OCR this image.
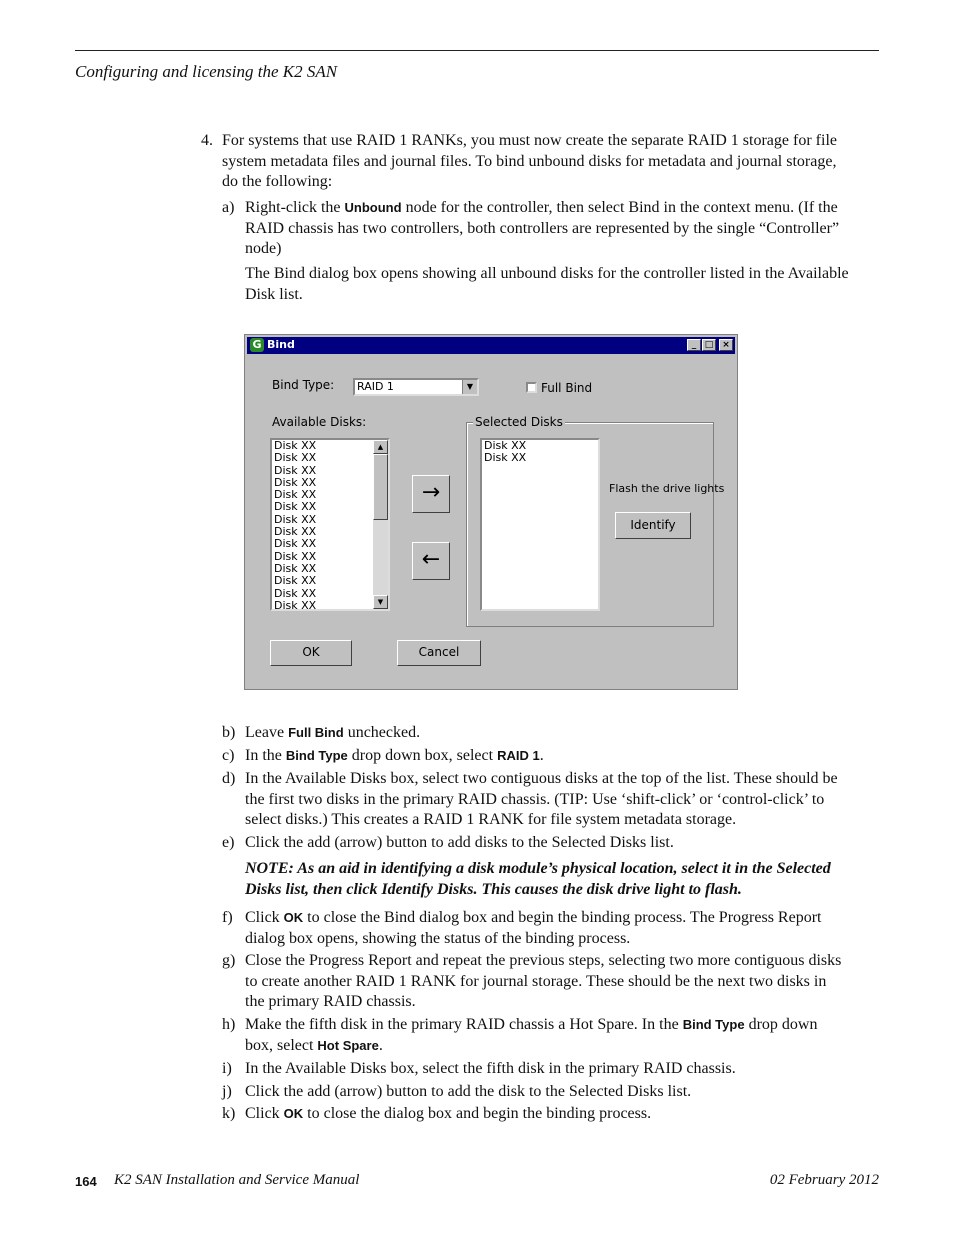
Configuring and licensing the K2 SAN
4. For systems that use RAID 1 RANKs, you must now create the separate RAID 1 storage for file
system metadata files and journal files. To bind unbound disks for metadata and journal storage,
do the following:
a) Right-click the Unbound node for the controller, then select Bind in the context menu. (If the
RAID chassis has two controllers, both controllers are represented by the single “Controller”
node)
The Bind dialog box opens showing all unbound disks for the controller listed in the Available
Disk list.
G Bind	_ □ ×
Bind Type:	RAID 1	▼	Full Bind
Available Disks:
Disk XX
Disk XX
Disk XX
Disk XX
Disk XX
Disk XX
Disk XX
Disk XX
Disk XX
Disk XX
Disk XX
Disk XX
Disk XX
Disk XX
▲
▼
→
←
Selected Disks
Disk XX
Disk XX
Flash the drive lights
Identify
OK	Cancel
b) Leave Full Bind unchecked.
c) In the Bind Type drop down box, select RAID 1.
d) In the Available Disks box, select two contiguous disks at the top of the list. These should be
the first two disks in the primary RAID chassis. (TIP: Use ‘shift-click’ or ‘control-click’ to
select disks.) This creates a RAID 1 RANK for file system metadata storage.
e) Click the add (arrow) button to add disks to the Selected Disks list.
NOTE: As an aid in identifying a disk module’s physical location, select it in the Selected
Disks list, then click Identify Disks. This causes the disk drive light to flash.
f) Click OK to close the Bind dialog box and begin the binding process. The Progress Report
dialog box opens, showing the status of the binding process.
g) Close the Progress Report and repeat the previous steps, selecting two more contiguous disks
to create another RAID 1 RANK for journal storage. These should be the next two disks in
the primary RAID chassis.
h) Make the fifth disk in the primary RAID chassis a Hot Spare. In the Bind Type drop down
box, select Hot Spare.
i) In the Available Disks box, select the fifth disk in the primary RAID chassis.
j) Click the add (arrow) button to add the disk to the Selected Disks list.
k) Click OK to close the dialog box and begin the binding process.
164 K2 SAN Installation and Service Manual	02 February 2012
